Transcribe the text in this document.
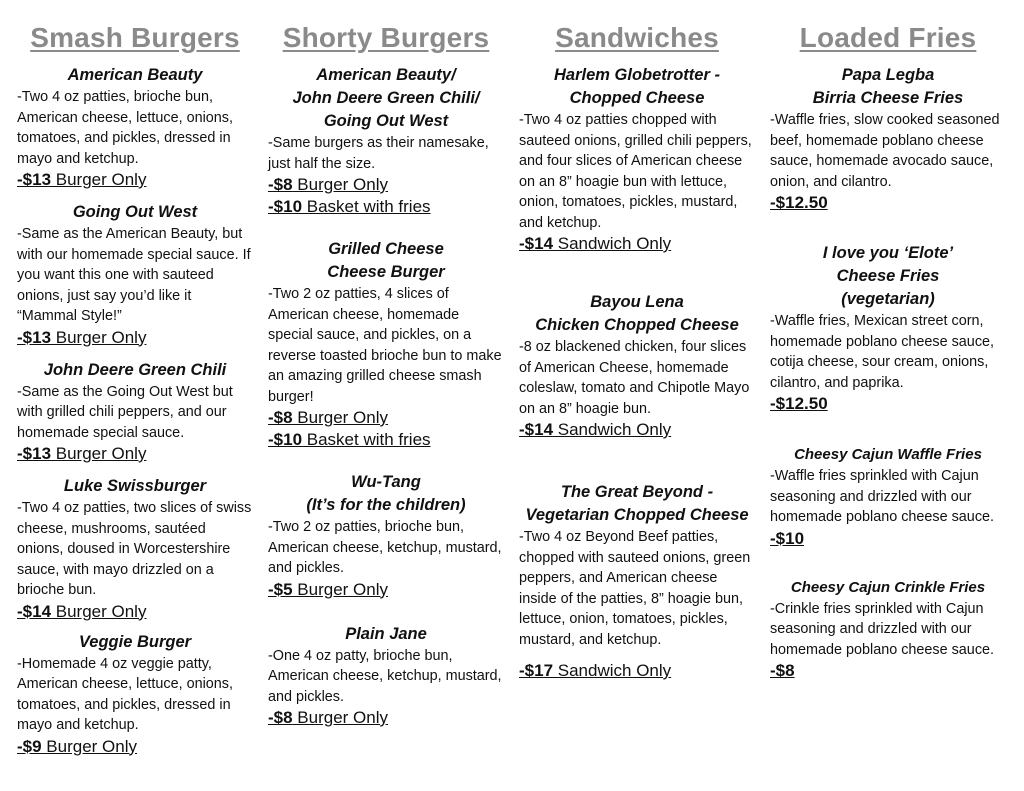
Smash Burgers
American Beauty
-Two 4 oz patties, brioche bun, American cheese, lettuce, onions, tomatoes, and pickles, dressed in mayo and ketchup.
-$13 Burger Only
Going Out West
-Same as the American Beauty, but with our homemade special sauce. If you want this one with sauteed onions, just say you’d like it “Mammal Style!”
-$13 Burger Only
John Deere Green Chili
-Same as the Going Out West but with grilled chili peppers, and our homemade special sauce.
-$13 Burger Only
Luke Swissburger
-Two 4 oz patties, two slices of swiss cheese, mushrooms, sautéed onions, doused in Worcestershire sauce, with mayo drizzled on a brioche bun.
-$14 Burger Only
Veggie Burger
-Homemade 4 oz veggie patty, American cheese, lettuce, onions, tomatoes, and pickles, dressed in mayo and ketchup.
-$9 Burger Only
Shorty Burgers
American Beauty/
John Deere Green Chili/
Going Out West
-Same burgers as their namesake, just half the size.
-$8 Burger Only
-$10 Basket with fries
Grilled Cheese
Cheese Burger
-Two 2 oz patties, 4 slices of American cheese, homemade special sauce, and pickles, on a reverse toasted brioche bun to make an amazing grilled cheese smash burger!
-$8 Burger Only
-$10 Basket with fries
Wu-Tang
(It’s for the children)
-Two 2 oz patties, brioche bun, American cheese, ketchup, mustard, and pickles.
-$5 Burger Only
Plain Jane
-One 4 oz patty, brioche bun, American cheese, ketchup, mustard, and pickles.
-$8 Burger Only
Sandwiches
Harlem Globetrotter -
Chopped Cheese
-Two 4 oz patties chopped with sauteed onions, grilled chili peppers, and four slices of American cheese on an 8” hoagie bun with lettuce, onion, tomatoes, pickles, mustard, and ketchup.
-$14 Sandwich Only
Bayou Lena
Chicken Chopped Cheese
-8 oz blackened chicken, four slices of American Cheese, homemade coleslaw, tomato and Chipotle Mayo on an 8” hoagie bun.
-$14 Sandwich Only
The Great Beyond -
Vegetarian Chopped Cheese
-Two 4 oz Beyond Beef patties, chopped with sauteed onions, green peppers, and American cheese inside of the patties, 8” hoagie bun, lettuce, onion, tomatoes, pickles, mustard, and ketchup.
-$17 Sandwich Only
Loaded Fries
Papa Legba
Birria Cheese Fries
-Waffle fries, slow cooked seasoned beef, homemade poblano cheese sauce, homemade avocado sauce, onion, and cilantro.
-$12.50
I love you ‘Elote’
Cheese Fries
(vegetarian)
-Waffle fries, Mexican street corn, homemade poblano cheese sauce, cotija cheese, sour cream, onions, cilantro, and paprika.
-$12.50
Cheesy Cajun Waffle Fries
-Waffle fries sprinkled with Cajun seasoning and drizzled with our homemade poblano cheese sauce.
-$10
Cheesy Cajun Crinkle Fries
-Crinkle fries sprinkled with Cajun seasoning and drizzled with our homemade poblano cheese sauce.
-$8
